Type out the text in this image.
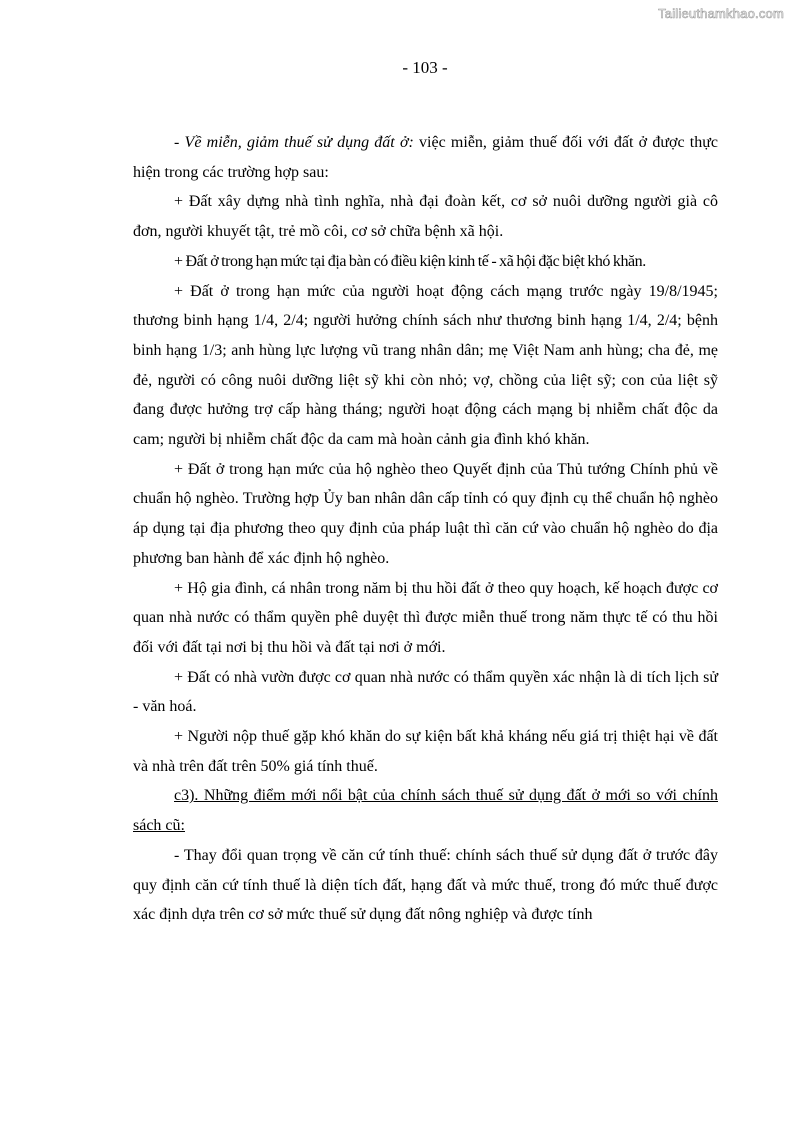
Tailieuthamkhao.com
- 103 -

- Về miễn, giảm thuế sử dụng đất ở: việc miễn, giảm thuế đối với đất ở được thực hiện trong các trường hợp sau:

+ Đất xây dựng nhà tình nghĩa, nhà đại đoàn kết, cơ sở nuôi dưỡng người già cô đơn, người khuyết tật, trẻ mồ côi, cơ sở chữa bệnh xã hội.

+ Đất ở trong hạn mức tại địa bàn có điều kiện kinh tế - xã hội đặc biệt khó khăn.

+ Đất ở trong hạn mức của người hoạt động cách mạng trước ngày 19/8/1945; thương binh hạng 1/4, 2/4; người hưởng chính sách như thương binh hạng 1/4, 2/4; bệnh binh hạng 1/3; anh hùng lực lượng vũ trang nhân dân; mẹ Việt Nam anh hùng; cha đẻ, mẹ đẻ, người có công nuôi dưỡng liệt sỹ khi còn nhỏ; vợ, chồng của liệt sỹ; con của liệt sỹ đang được hưởng trợ cấp hàng tháng; người hoạt động cách mạng bị nhiễm chất độc da cam; người bị nhiễm chất độc da cam mà hoàn cảnh gia đình khó khăn.

+ Đất ở trong hạn mức của hộ nghèo theo Quyết định của Thủ tướng Chính phủ về chuẩn hộ nghèo. Trường hợp Ủy ban nhân dân cấp tỉnh có quy định cụ thể chuẩn hộ nghèo áp dụng tại địa phương theo quy định của pháp luật thì căn cứ vào chuẩn hộ nghèo do địa phương ban hành để xác định hộ nghèo.

+ Hộ gia đình, cá nhân trong năm bị thu hồi đất ở theo quy hoạch, kế hoạch được cơ quan nhà nước có thẩm quyền phê duyệt thì được miễn thuế trong năm thực tế có thu hồi đối với đất tại nơi bị thu hồi và đất tại nơi ở mới.

+ Đất có nhà vườn được cơ quan nhà nước có thẩm quyền xác nhận là di tích lịch sử - văn hoá.

+ Người nộp thuế gặp khó khăn do sự kiện bất khả kháng nếu giá trị thiệt hại về đất và nhà trên đất trên 50% giá tính thuế.

c3). Những điểm mới nổi bật của chính sách thuế sử dụng đất ở mới so với chính sách cũ:

- Thay đổi quan trọng về căn cứ tính thuế: chính sách thuế sử dụng đất ở trước đây quy định căn cứ tính thuế là diện tích đất, hạng đất và mức thuế, trong đó mức thuế được xác định dựa trên cơ sở mức thuế sử dụng đất nông nghiệp và được tính
